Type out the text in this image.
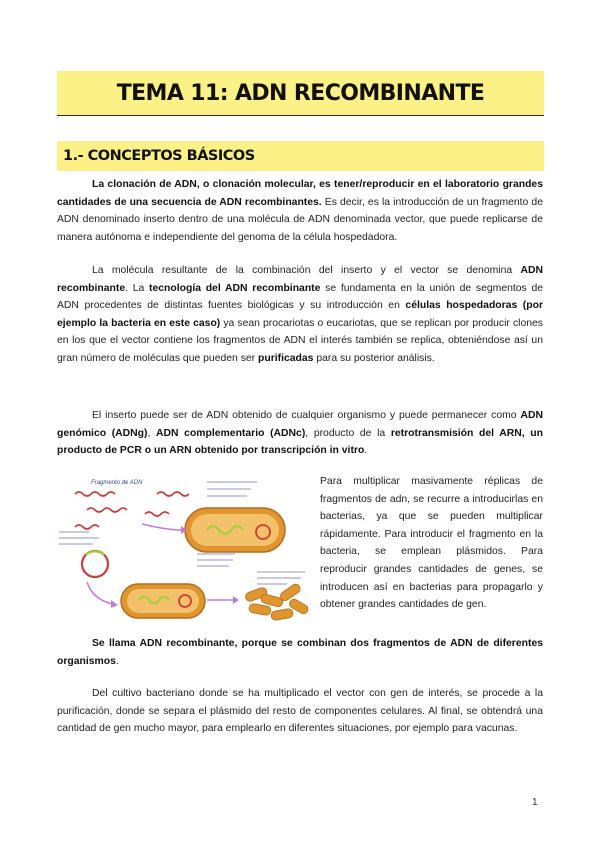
TEMA 11: ADN RECOMBINANTE
1.- CONCEPTOS BÁSICOS

La clonación de ADN, o clonación molecular, es tener/reproducir en el laboratorio grandes cantidades de una secuencia de ADN recombinantes. Es decir, es la introducción de un fragmento de ADN denominado inserto dentro de una molécula de ADN denominada vector, que puede replicarse de manera autónoma e independiente del genoma de la célula hospedadora.

La molécula resultante de la combinación del inserto y el vector se denomina ADN recombinante. La tecnología del ADN recombinante se fundamenta en la unión de segmentos de ADN procedentes de distintas fuentes biológicas y su introducción en células hospedadoras (por ejemplo la bacteria en este caso) ya sean procariotas o eucariotas, que se replican por producir clones en los que el vector contiene los fragmentos de ADN el interés también se replica, obteniéndose así un gran número de moléculas que pueden ser purificadas para su posterior análisis.

El inserto puede ser de ADN obtenido de cualquier organismo y puede permanecer como ADN genómico (ADNg), ADN complementario (ADNc), producto de la retrotransmisión del ARN, un producto de PCR o un ARN obtenido por transcripción in vitro.

Fragmento de ADN	Para multiplicar masivamente réplicas de fragmentos de adn, se recurre a introducirlas en bacterias, ya que se pueden multiplicar rápidamente. Para introducir el fragmento en la bacteria, se emplean plásmidos. Para reproducir grandes cantidades de genes, se introducen así en bacterias para propagarlo y obtener grandes cantidades de gen.

Se llama ADN recombinante, porque se combinan dos fragmentos de ADN de diferentes organismos.

Del cultivo bacteriano donde se ha multiplicado el vector con gen de interés, se procede a la purificación, donde se separa el plásmido del resto de componentes celulares. Al final, se obtendrá una cantidad de gen mucho mayor, para emplearlo en diferentes situaciones, por ejemplo para vacunas.

1
